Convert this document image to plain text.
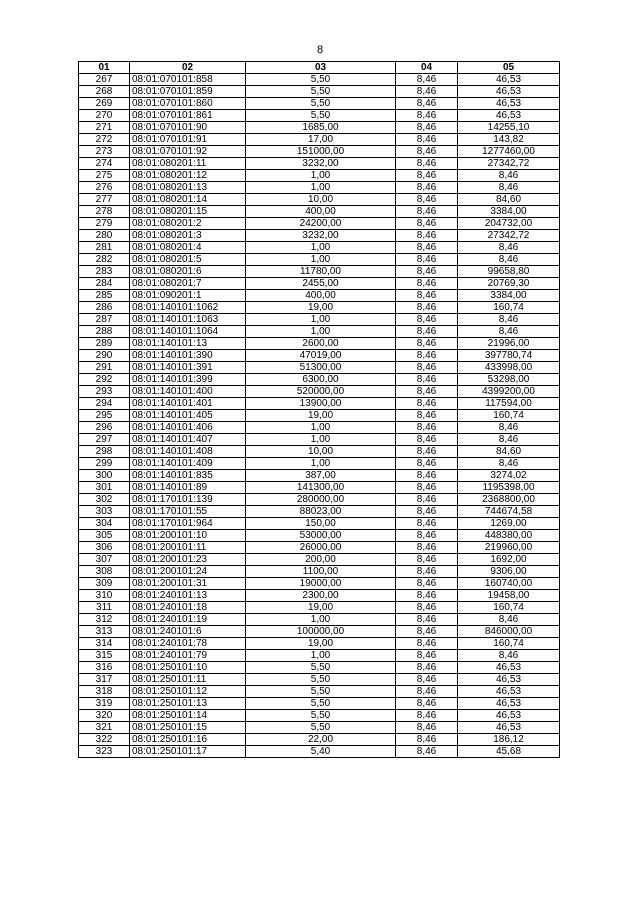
8
01	02	03	04	05
267	08:01:070101:858	5,50	8,46	46,53
268	08:01:070101:859	5,50	8,46	46,53
269	08:01:070101:860	5,50	8,46	46,53
270	08:01:070101:861	5,50	8,46	46,53
271	08:01:070101:90	1685,00	8,46	14255,10
272	08:01:070101:91	17,00	8,46	143,82
273	08:01:070101:92	151000,00	8,46	1277460,00
274	08:01:080201:11	3232,00	8,46	27342,72
275	08:01:080201:12	1,00	8,46	8,46
276	08:01:080201:13	1,00	8,46	8,46
277	08:01:080201:14	10,00	8,46	84,60
278	08:01:080201:15	400,00	8,46	3384,00
279	08:01:080201:2	24200,00	8,46	204732,00
280	08:01:080201:3	3232,00	8,46	27342,72
281	08:01:080201:4	1,00	8,46	8,46
282	08:01:080201:5	1,00	8,46	8,46
283	08:01:080201:6	11780,00	8,46	99658,80
284	08:01:080201:7	2455,00	8,46	20769,30
285	08:01:090201:1	400,00	8,46	3384,00
286	08:01:140101:1062	19,00	8,46	160,74
287	08:01:140101:1063	1,00	8,46	8,46
288	08:01:140101:1064	1,00	8,46	8,46
289	08:01:140101:13	2600,00	8,46	21996,00
290	08:01:140101:390	47019,00	8,46	397780,74
291	08:01:140101:391	51300,00	8,46	433998,00
292	08:01:140101:399	6300,00	8,46	53298,00
293	08:01:140101:400	520000,00	8,46	4399200,00
294	08:01:140101:401	13900,00	8,46	117594,00
295	08:01:140101:405	19,00	8,46	160,74
296	08:01:140101:406	1,00	8,46	8,46
297	08:01:140101:407	1,00	8,46	8,46
298	08:01:140101:408	10,00	8,46	84,60
299	08:01:140101:409	1,00	8,46	8,46
300	08:01:140101:835	387,00	8,46	3274,02
301	08:01:140101:89	141300,00	8,46	1195398,00
302	08:01:170101:139	280000,00	8,46	2368800,00
303	08:01:170101:55	88023,00	8,46	744674,58
304	08:01:170101:964	150,00	8,46	1269,00
305	08:01:200101:10	53000,00	8,46	448380,00
306	08:01:200101:11	26000,00	8,46	219960,00
307	08:01:200101:23	200,00	8,46	1692,00
308	08:01:200101:24	1100,00	8,46	9306,00
309	08:01:200101:31	19000,00	8,46	160740,00
310	08:01:240101:13	2300,00	8,46	19458,00
311	08:01:240101:18	19,00	8,46	160,74
312	08:01:240101:19	1,00	8,46	8,46
313	08:01:240101:6	100000,00	8,46	846000,00
314	08:01:240101:78	19,00	8,46	160,74
315	08:01:240101:79	1,00	8,46	8,46
316	08:01:250101:10	5,50	8,46	46,53
317	08:01:250101:11	5,50	8,46	46,53
318	08:01:250101:12	5,50	8,46	46,53
319	08:01:250101:13	5,50	8,46	46,53
320	08:01:250101:14	5,50	8,46	46,53
321	08:01:250101:15	5,50	8,46	46,53
322	08:01:250101:16	22,00	8,46	186,12
323	08:01:250101:17	5,40	8,46	45,68
